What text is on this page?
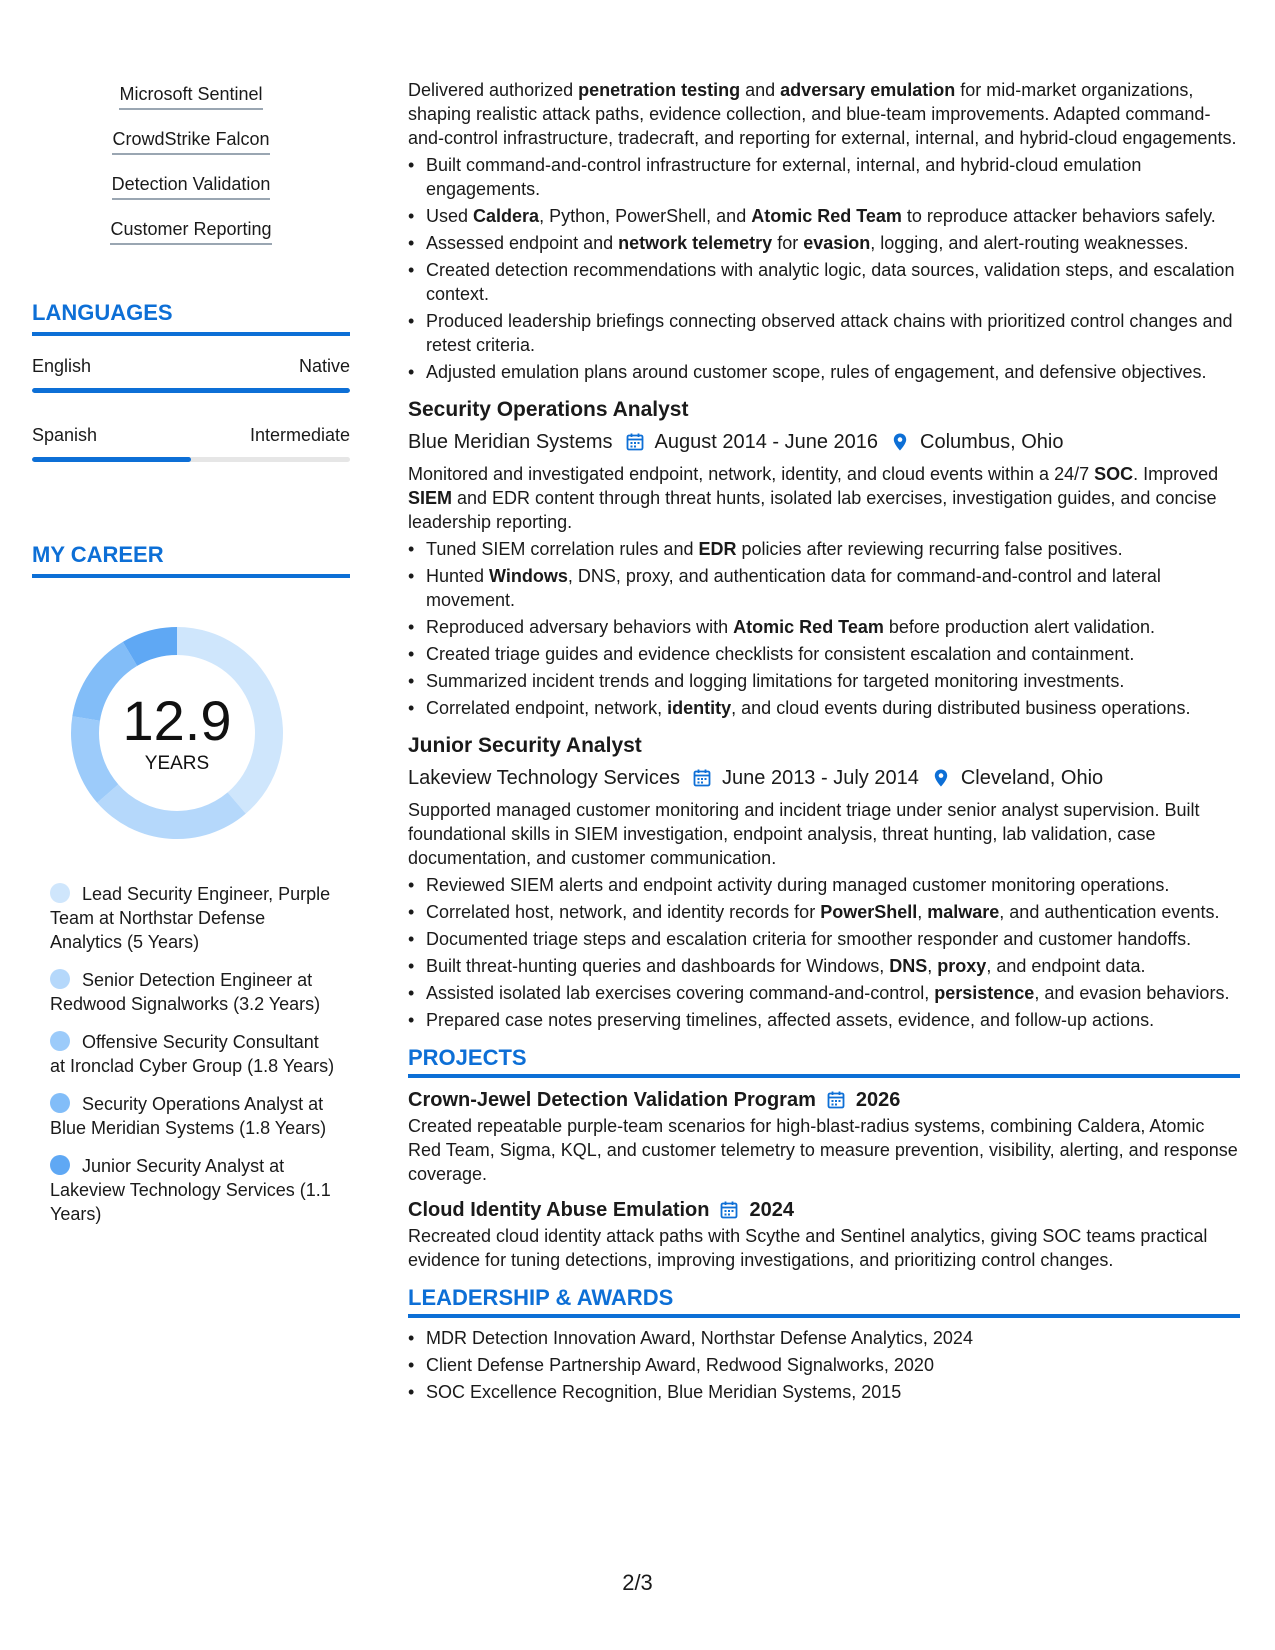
Microsoft Sentinel
CrowdStrike Falcon
Detection Validation
Customer Reporting
LANGUAGES
English	Native
Spanish	Intermediate
MY CAREER
12.9
YEARS
Lead Security Engineer, Purple Team at Northstar Defense Analytics (5 Years)
Senior Detection Engineer at Redwood Signalworks (3.2 Years)
Offensive Security Consultant at Ironclad Cyber Group (1.8 Years)
Security Operations Analyst at Blue Meridian Systems (1.8 Years)
Junior Security Analyst at Lakeview Technology Services (1.1 Years)

Delivered authorized penetration testing and adversary emulation for mid-market organizations, shaping realistic attack paths, evidence collection, and blue-team improvements. Adapted command-and-control infrastructure, tradecraft, and reporting for external, internal, and hybrid-cloud engagements.

• Built command-and-control infrastructure for external, internal, and hybrid-cloud emulation engagements.
• Used Caldera, Python, PowerShell, and Atomic Red Team to reproduce attacker behaviors safely.
• Assessed endpoint and network telemetry for evasion, logging, and alert-routing weaknesses.
• Created detection recommendations with analytic logic, data sources, validation steps, and escalation context.
• Produced leadership briefings connecting observed attack chains with prioritized control changes and retest criteria.
• Adjusted emulation plans around customer scope, rules of engagement, and defensive objectives.
Security Operations Analyst
Blue Meridian Systems August 2014 - June 2016 Columbus, Ohio

Monitored and investigated endpoint, network, identity, and cloud events within a 24/7 SOC. Improved SIEM and EDR content through threat hunts, isolated lab exercises, investigation guides, and concise leadership reporting.

• Tuned SIEM correlation rules and EDR policies after reviewing recurring false positives.
• Hunted Windows, DNS, proxy, and authentication data for command-and-control and lateral movement.
• Reproduced adversary behaviors with Atomic Red Team before production alert validation.
• Created triage guides and evidence checklists for consistent escalation and containment.
• Summarized incident trends and logging limitations for targeted monitoring investments.
• Correlated endpoint, network, identity, and cloud events during distributed business operations.
Junior Security Analyst
Lakeview Technology Services June 2013 - July 2014 Cleveland, Ohio

Supported managed customer monitoring and incident triage under senior analyst supervision. Built foundational skills in SIEM investigation, endpoint analysis, threat hunting, lab validation, case documentation, and customer communication.

• Reviewed SIEM alerts and endpoint activity during managed customer monitoring operations.
• Correlated host, network, and identity records for PowerShell, malware, and authentication events.
• Documented triage steps and escalation criteria for smoother responder and customer handoffs.
• Built threat-hunting queries and dashboards for Windows, DNS, proxy, and endpoint data.
• Assisted isolated lab exercises covering command-and-control, persistence, and evasion behaviors.
• Prepared case notes preserving timelines, affected assets, evidence, and follow-up actions.
PROJECTS
Crown-Jewel Detection Validation Program 2026

Created repeatable purple-team scenarios for high-blast-radius systems, combining Caldera, Atomic Red Team, Sigma, KQL, and customer telemetry to measure prevention, visibility, alerting, and response coverage.

Cloud Identity Abuse Emulation 2024

Recreated cloud identity attack paths with Scythe and Sentinel analytics, giving SOC teams practical evidence for tuning detections, improving investigations, and prioritizing control changes.

LEADERSHIP & AWARDS
• MDR Detection Innovation Award, Northstar Defense Analytics, 2024
• Client Defense Partnership Award, Redwood Signalworks, 2020
• SOC Excellence Recognition, Blue Meridian Systems, 2015
2/3
